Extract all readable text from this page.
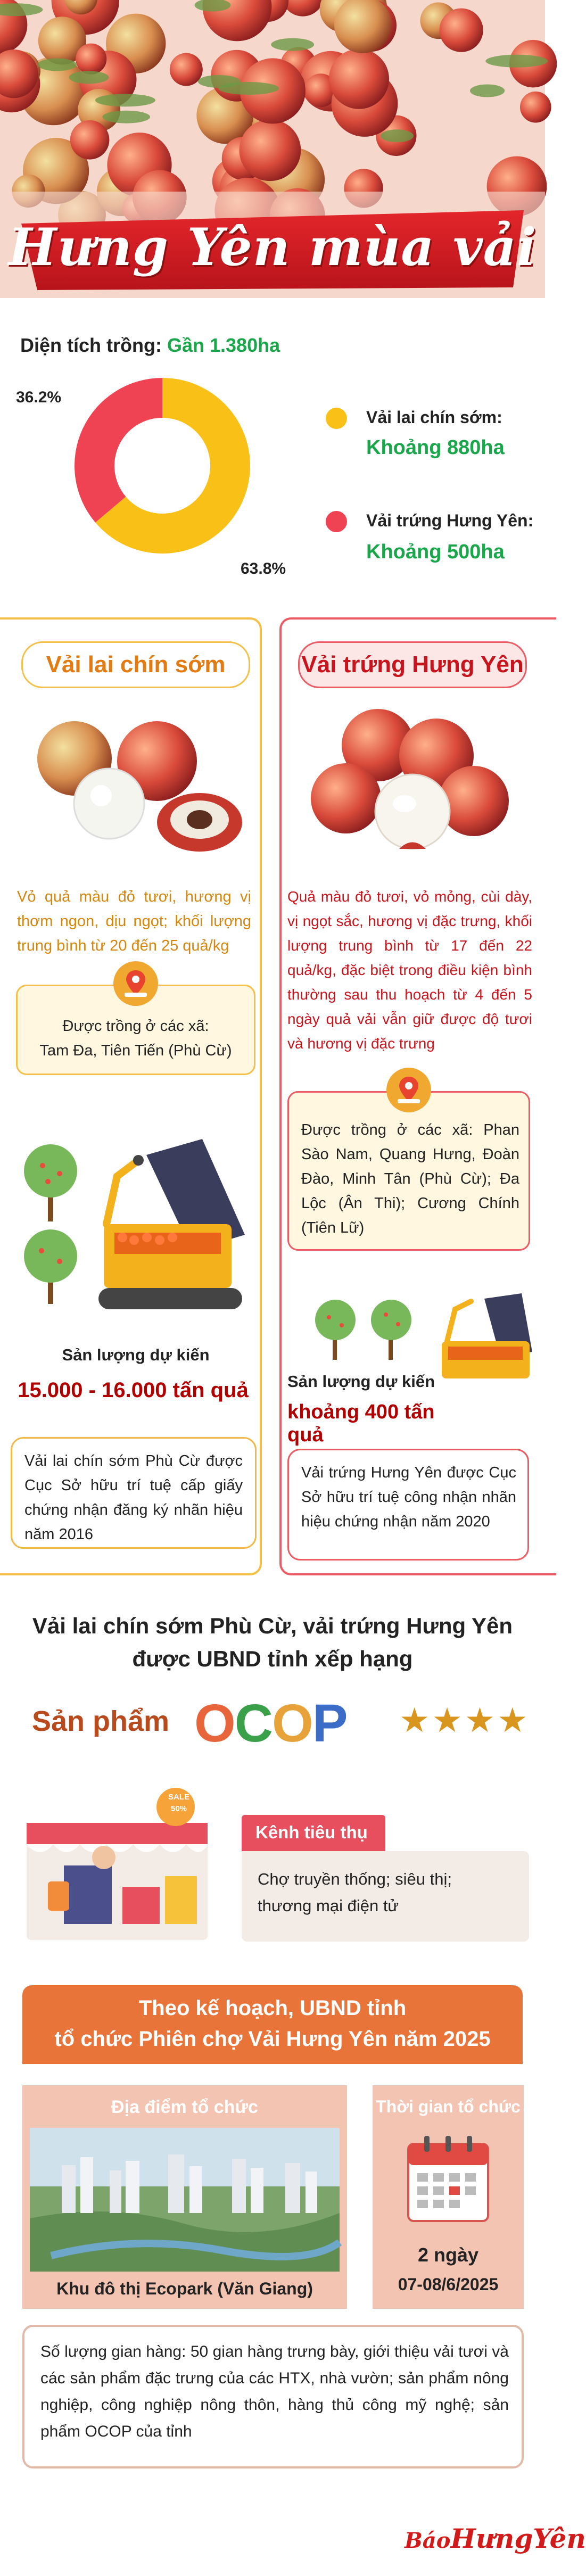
Hưng Yên mùa vải
Diện tích trồng: Gần 1.380ha
36.2%
63.8%
Vải lai chín sớm:
Khoảng 880ha
Vải trứng Hưng Yên:
Khoảng 500ha
Vải lai chín sớm
Vỏ quả màu đỏ tươi, hương vị thơm ngon, dịu ngọt; khối lượng trung bình từ 20 đến 25 quả/kg
Được trồng ở các xã:
Tam Đa, Tiên Tiến (Phù Cừ)
Sản lượng dự kiến
15.000 - 16.000 tấn quả
Vải lai chín sớm Phù Cừ được Cục Sở hữu trí tuệ cấp giấy chứng nhận đăng ký nhãn hiệu năm 2016
Vải trứng Hưng Yên
Quả màu đỏ tươi, vỏ mỏng, cùi dày, vị ngọt sắc, hương vị đặc trưng, khối lượng trung bình từ 17 đến 22 quả/kg, đặc biệt trong điều kiện bình thường sau thu hoạch từ 4 đến 5 ngày quả vải vẫn giữ được độ tươi và hương vị đặc trưng
Được trồng ở các xã: Phan Sào Nam, Quang Hưng, Đoàn Đào, Minh Tân (Phù Cừ); Đa Lộc (Ân Thi); Cương Chính (Tiên Lữ)
Sản lượng dự kiến
khoảng 400 tấn quả
Vải trứng Hưng Yên được Cục Sở hữu trí tuệ công nhận nhãn hiệu chứng nhận năm 2020
Vải lai chín sớm Phù Cừ, vải trứng Hưng Yên được UBND tỉnh xếp hạng
Sản phẩm OCOP ★★★★
SALE 50%
Kênh tiêu thụ
Chợ truyền thống; siêu thị; thương mại điện tử
Theo kế hoạch, UBND tỉnh
tổ chức Phiên chợ Vải Hưng Yên năm 2025
Địa điểm tổ chức
Khu đô thị Ecopark (Văn Giang)
Thời gian tổ chức
2 ngày
07-08/6/2025
Số lượng gian hàng: 50 gian hàng trưng bày, giới thiệu vải tươi và các sản phẩm đặc trưng của các HTX, nhà vườn; sản phẩm nông nghiệp, công nghiệp nông thôn, hàng thủ công mỹ nghệ; sản phẩm OCOP của tỉnh
BáoHưngYên
